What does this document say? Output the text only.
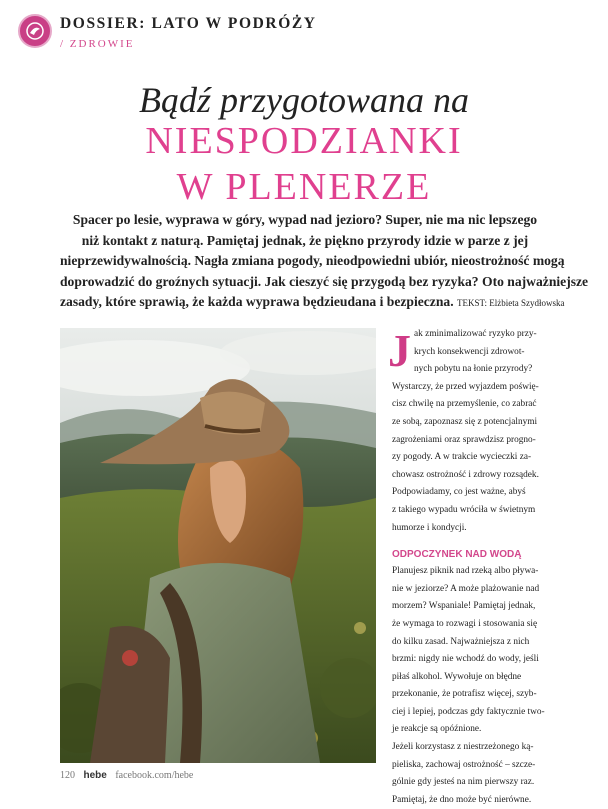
DOSSIER: LATO W PODRÓŻY
/ ZDROWIE
Bądź przygotowana na
NIESPODZIANKI
W PLENERZE
Spacer po lesie, wyprawa w góry, wypad nad jezioro? Super, nie ma nic lepszego
niż kontakt z naturą. Pamiętaj jednak, że piękno przyrody idzie w parze z jej
nieprzewidywalnością. Nagła zmiana pogody, nieodpowiedni ubiór, nieostrożność mogą
doprowadzić do groźnych sytuacji. Jak cieszyć się przygodą bez ryzyka? Oto najważniejsze
zasady, które sprawią, że każda wyprawa będzieudana i bezpieczna. TEKST: Elżbieta Szydłowska
J ak zminimalizować ryzyko przy-
krych konsekwencji zdrowot-
nych pobytu na łonie przyrody?
Wystarczy, że przed wyjazdem poświę-
cisz chwilę na przemyślenie, co zabrać
ze sobą, zapoznasz się z potencjalnymi
zagrożeniami oraz sprawdzisz progno-
zy pogody. A w trakcie wycieczki za-
chowasz ostrożność i zdrowy rozsądek.
Podpowiadamy, co jest ważne, abyś
z takiego wypadu wróciła w świetnym
humorze i kondycji.
ODPOCZYNEK NAD WODĄ
Planujesz piknik nad rzeką albo pływa-
nie w jeziorze? A może plażowanie nad
morzem? Wspaniale! Pamiętaj jednak,
że wymaga to rozwagi i stosowania się
do kilku zasad. Najważniejsza z nich
brzmi: nigdy nie wchodź do wody, jeśli
piłaś alkohol. Wywołuje on błędne
przekonanie, że potrafisz więcej, szyb-
ciej i lepiej, podczas gdy faktycznie two-
je reakcje są opóźnione.
Jeżeli korzystasz z niestrzeżonego ką-
pieliska, zachowaj ostrożność – szcze-
gólnie gdy jesteś na nim pierwszy raz.
Pamiętaj, że dno może być nierówne.
120 hebe facebook.com/hebe
